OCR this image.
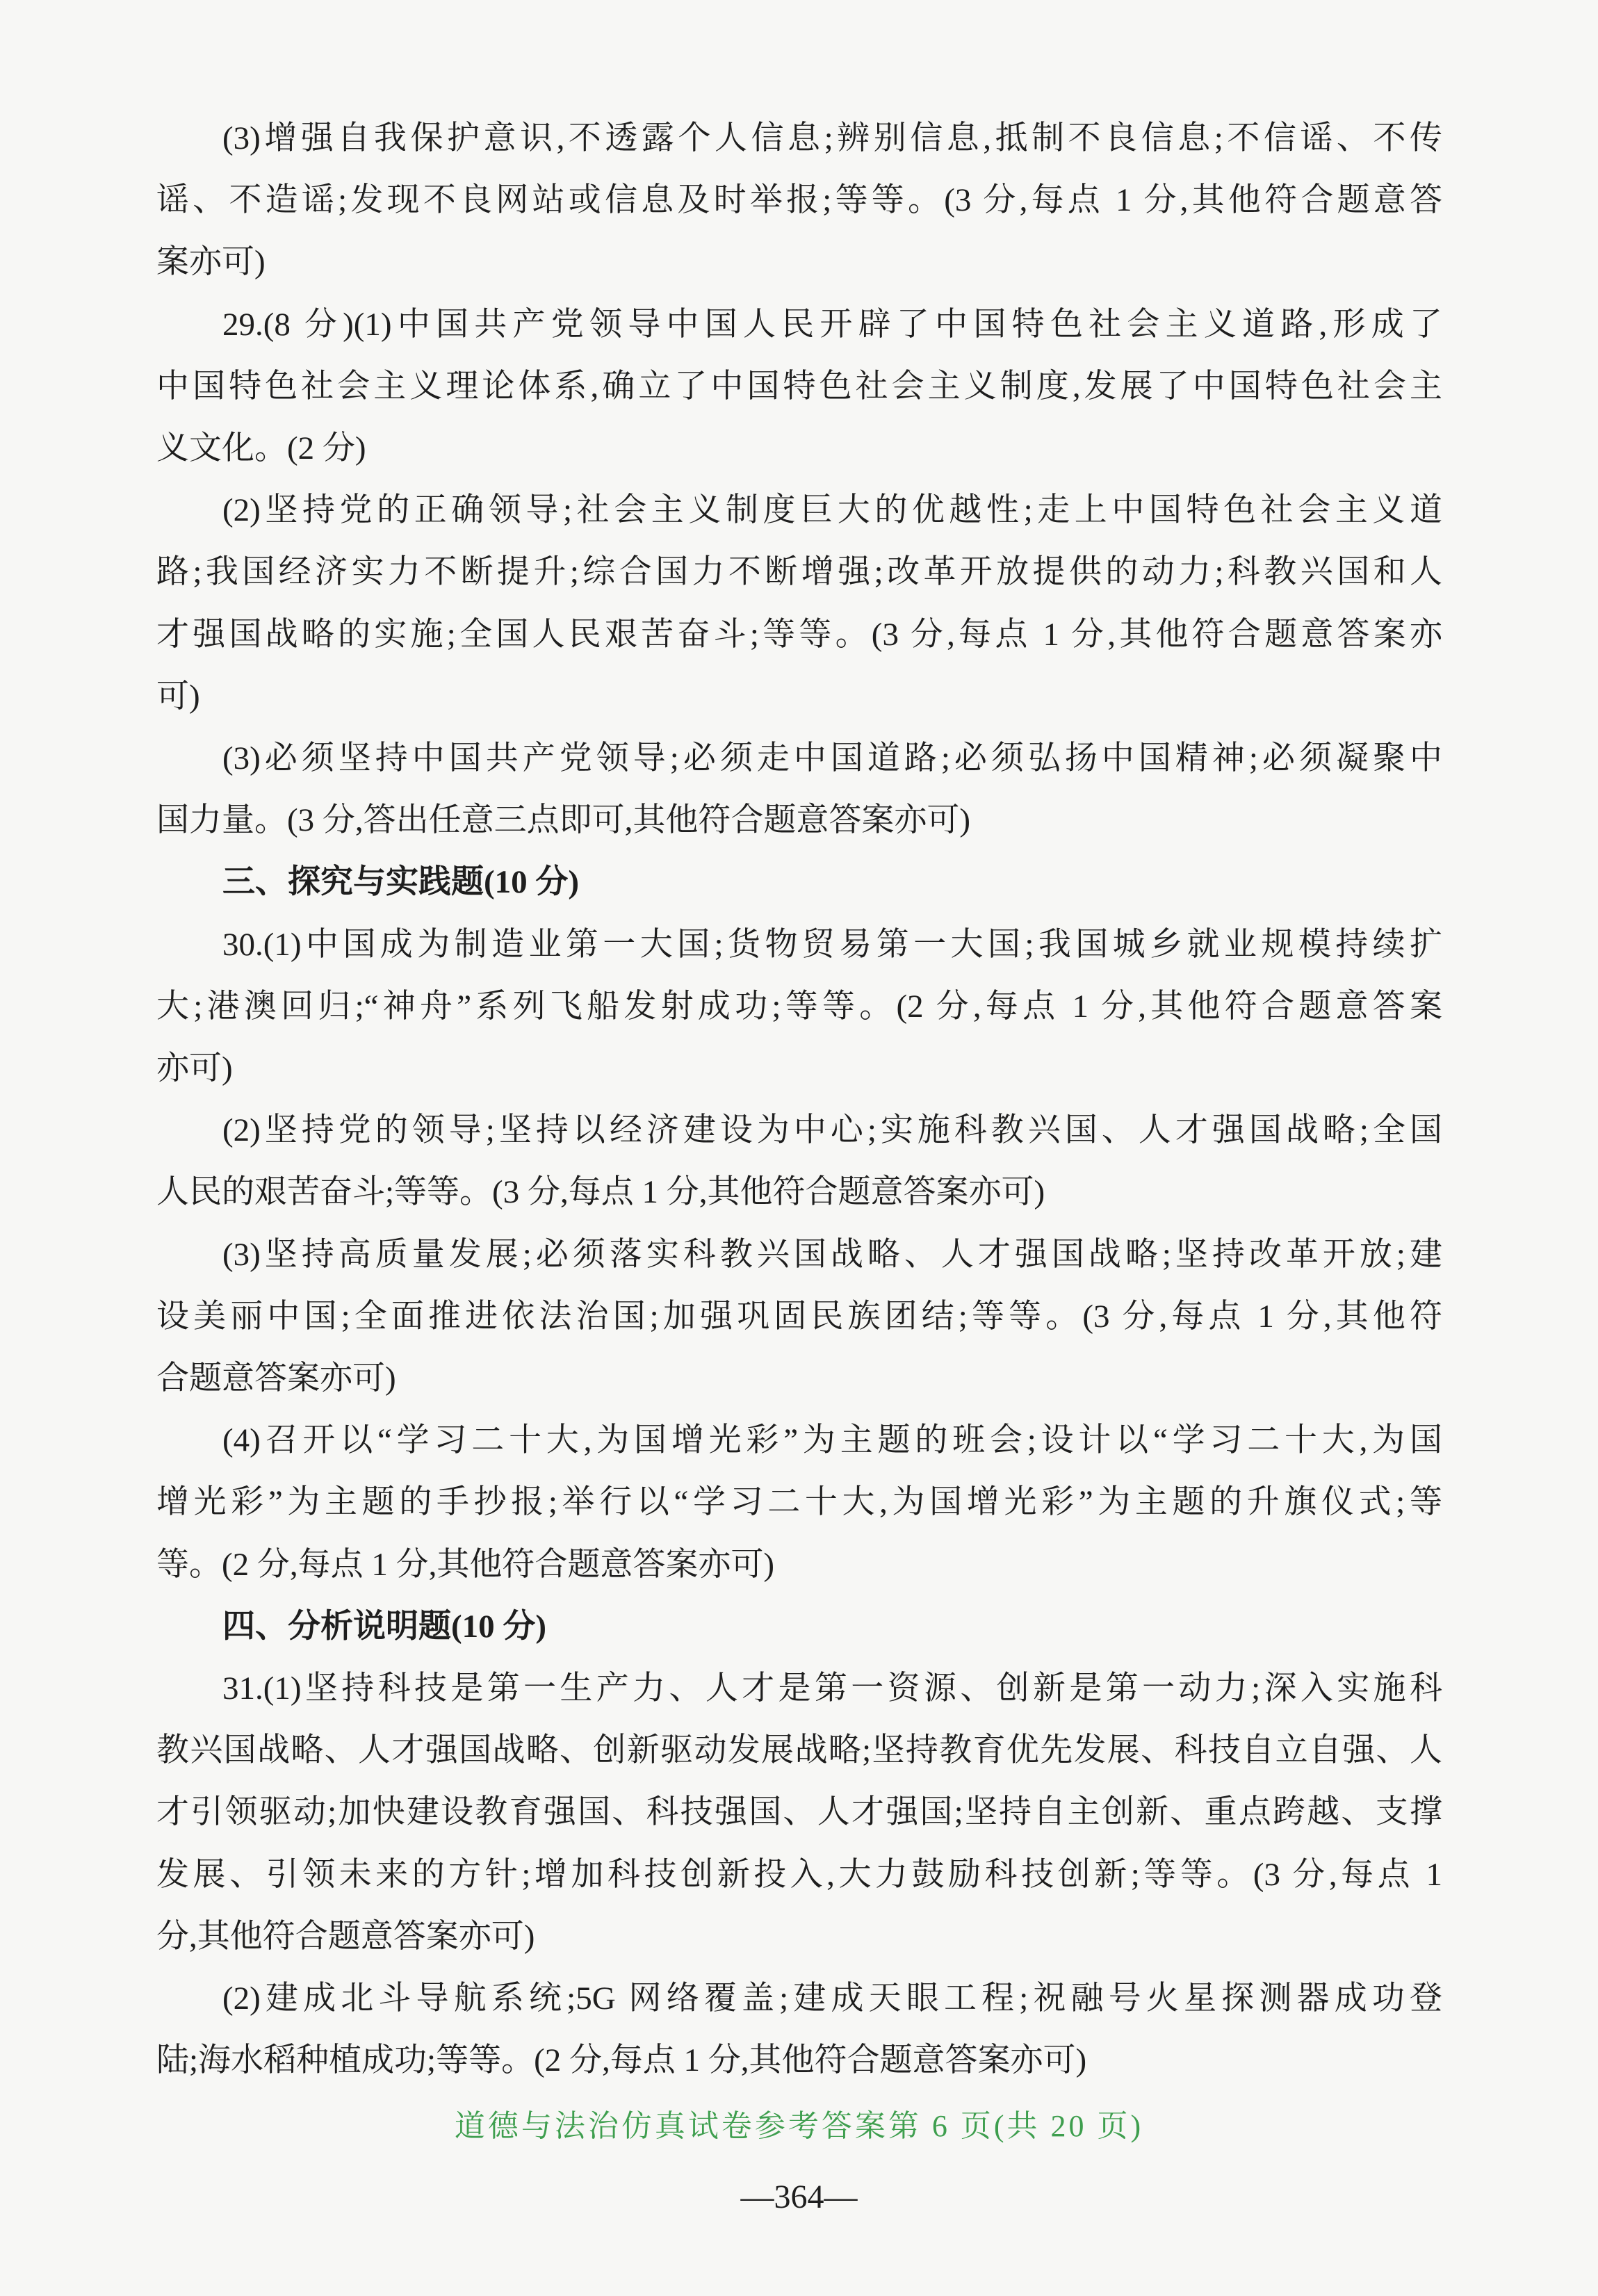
(3)增强自我保护意识,不透露个人信息;辨别信息,抵制不良信息;不信谣、不传
谣、不造谣;发现不良网站或信息及时举报;等等。(3 分,每点 1 分,其他符合题意答
案亦可)
29.(8 分)(1)中国共产党领导中国人民开辟了中国特色社会主义道路,形成了
中国特色社会主义理论体系,确立了中国特色社会主义制度,发展了中国特色社会主
义文化。(2 分)
(2)坚持党的正确领导;社会主义制度巨大的优越性;走上中国特色社会主义道
路;我国经济实力不断提升;综合国力不断增强;改革开放提供的动力;科教兴国和人
才强国战略的实施;全国人民艰苦奋斗;等等。(3 分,每点 1 分,其他符合题意答案亦
可)
(3)必须坚持中国共产党领导;必须走中国道路;必须弘扬中国精神;必须凝聚中
国力量。(3 分,答出任意三点即可,其他符合题意答案亦可)
三、探究与实践题(10 分)
30.(1)中国成为制造业第一大国;货物贸易第一大国;我国城乡就业规模持续扩
大;港澳回归;“神舟”系列飞船发射成功;等等。(2 分,每点 1 分,其他符合题意答案
亦可)
(2)坚持党的领导;坚持以经济建设为中心;实施科教兴国、人才强国战略;全国
人民的艰苦奋斗;等等。(3 分,每点 1 分,其他符合题意答案亦可)
(3)坚持高质量发展;必须落实科教兴国战略、人才强国战略;坚持改革开放;建
设美丽中国;全面推进依法治国;加强巩固民族团结;等等。(3 分,每点 1 分,其他符
合题意答案亦可)
(4)召开以“学习二十大,为国增光彩”为主题的班会;设计以“学习二十大,为国
增光彩”为主题的手抄报;举行以“学习二十大,为国增光彩”为主题的升旗仪式;等
等。(2 分,每点 1 分,其他符合题意答案亦可)
四、分析说明题(10 分)
31.(1)坚持科技是第一生产力、人才是第一资源、创新是第一动力;深入实施科
教兴国战略、人才强国战略、创新驱动发展战略;坚持教育优先发展、科技自立自强、人
才引领驱动;加快建设教育强国、科技强国、人才强国;坚持自主创新、重点跨越、支撑
发展、引领未来的方针;增加科技创新投入,大力鼓励科技创新;等等。(3 分,每点 1
分,其他符合题意答案亦可)
(2)建成北斗导航系统;5G 网络覆盖;建成天眼工程;祝融号火星探测器成功登
陆;海水稻种植成功;等等。(2 分,每点 1 分,其他符合题意答案亦可)
道德与法治仿真试卷参考答案第 6 页(共 20 页)
—364—
